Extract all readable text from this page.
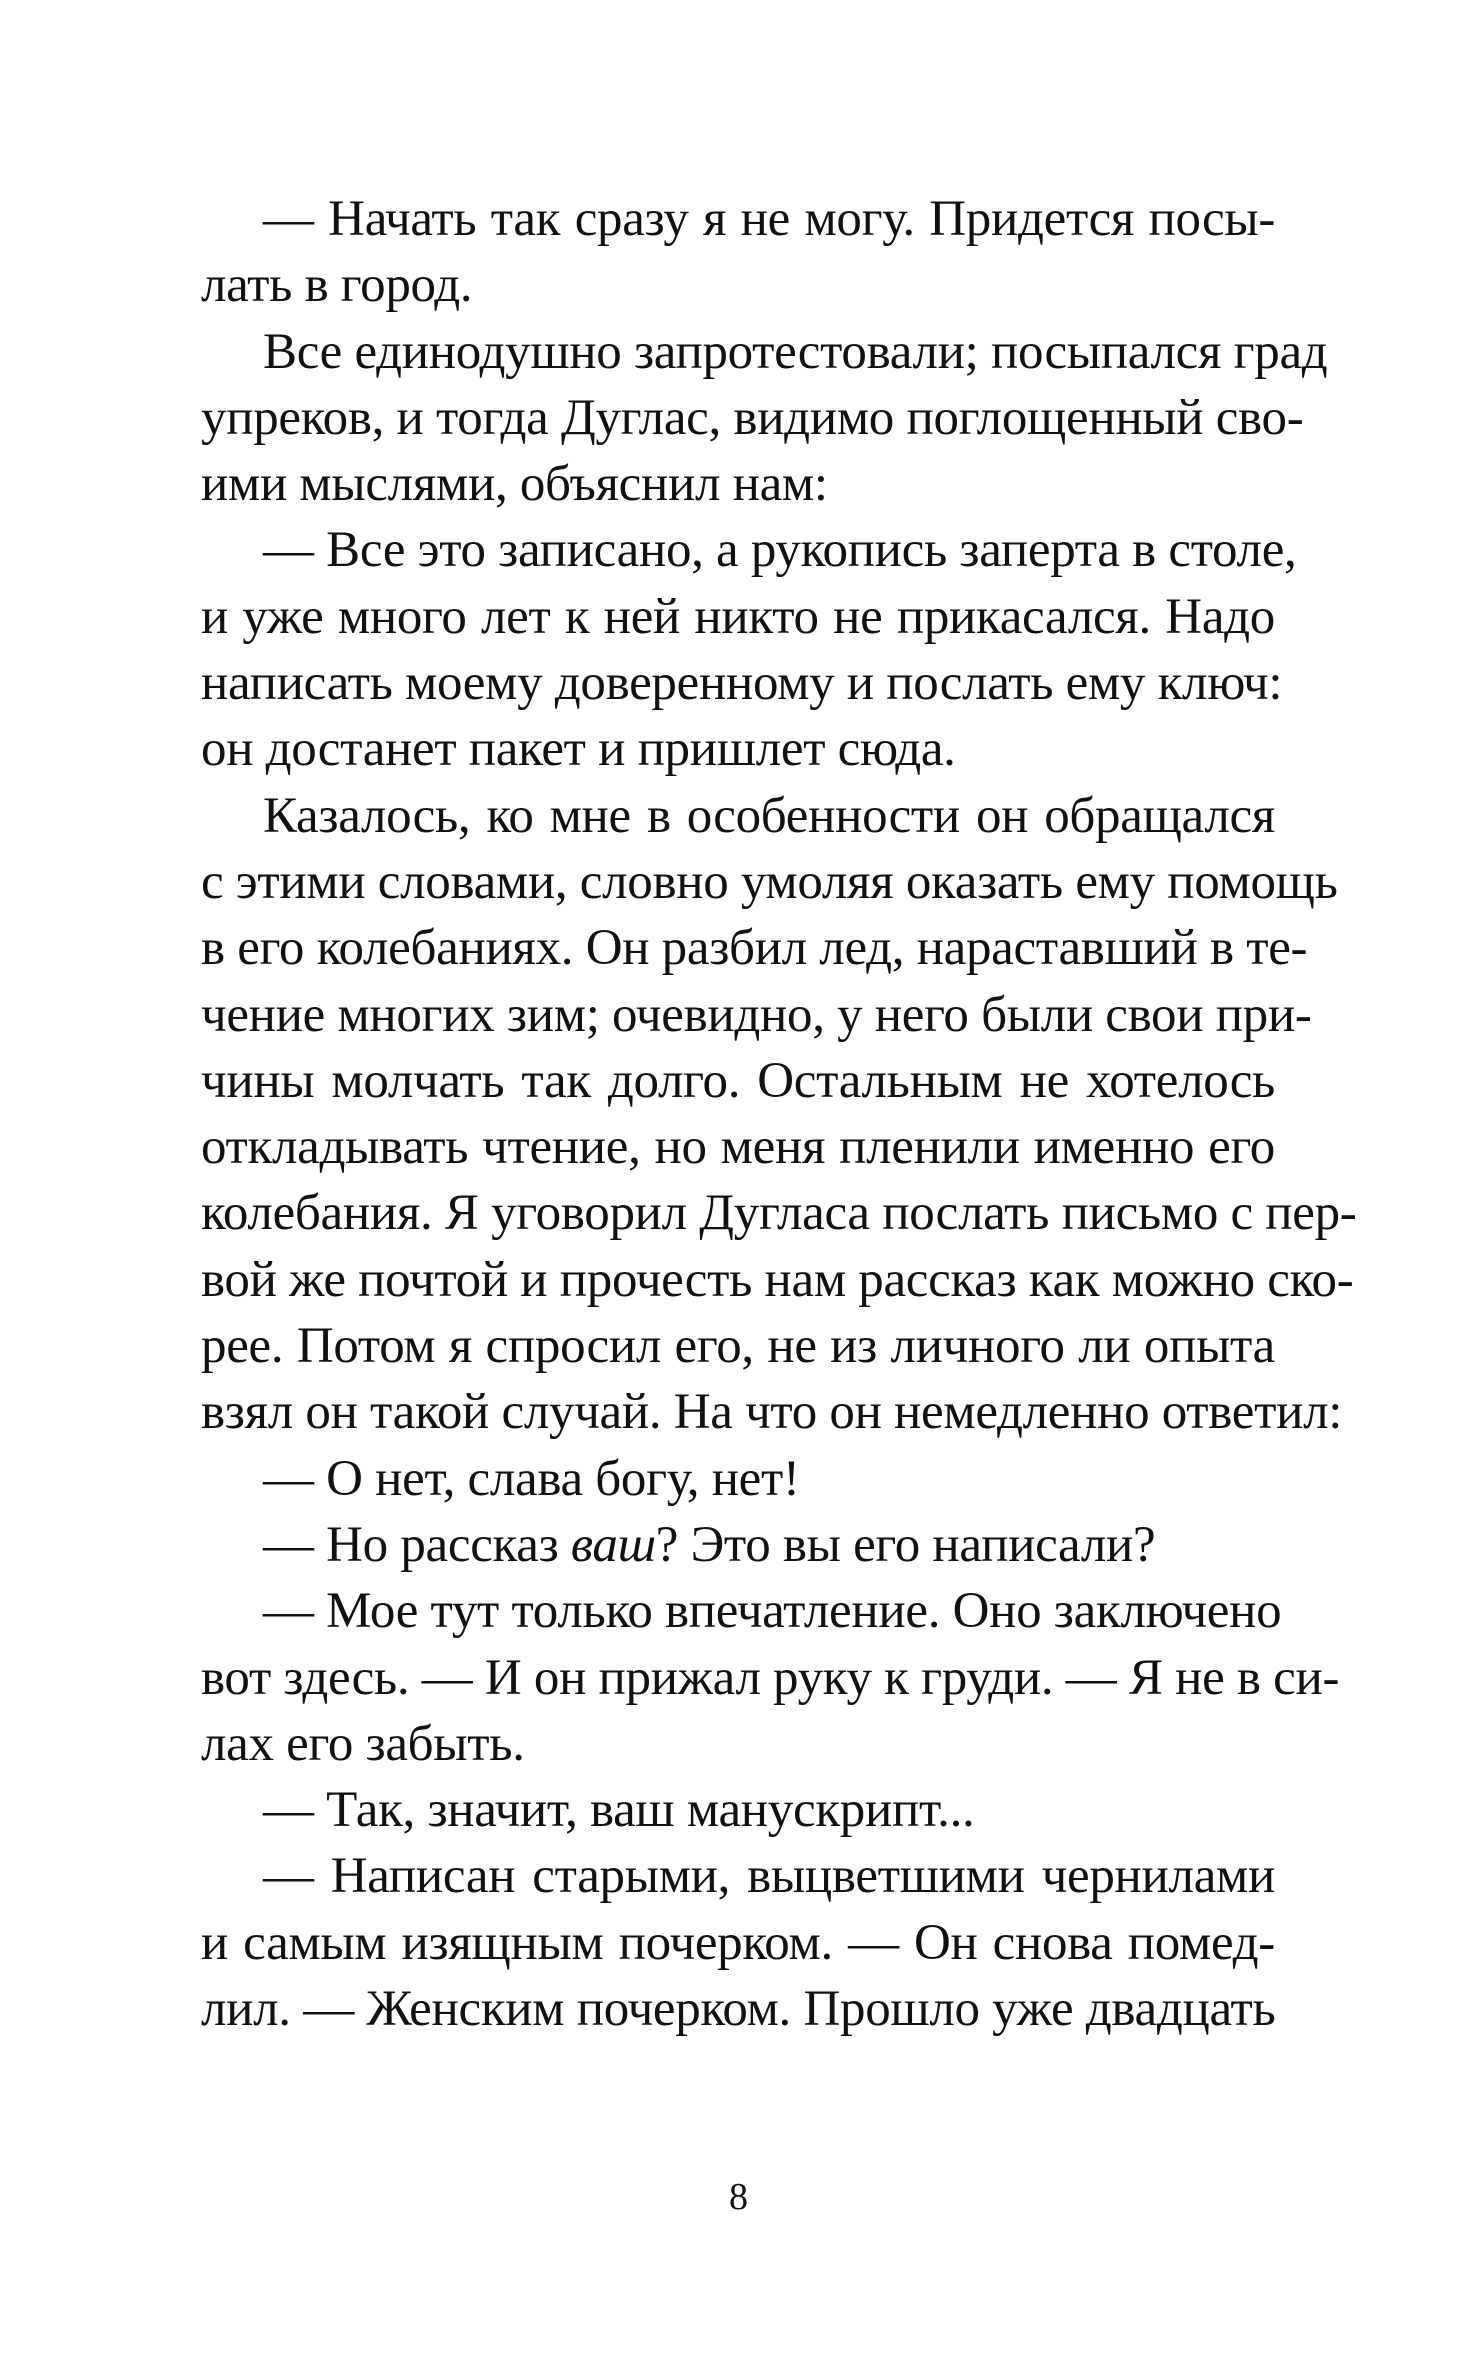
— Начать так сразу я не могу. Придется посы-
лать в город.
Все единодушно запротестовали; посыпался град
упреков, и тогда Дуглас, видимо поглощенный сво-
ими мыслями, объяснил нам:
— Все это записано, а рукопись заперта в столе,
и уже много лет к ней никто не прикасался. Надо
написать моему доверенному и послать ему ключ:
он достанет пакет и пришлет сюда.
Казалось, ко мне в особенности он обращался
с этими словами, словно умоляя оказать ему помощь
в его колебаниях. Он разбил лед, нараставший в те-
чение многих зим; очевидно, у него были свои при-
чины молчать так долго. Остальным не хотелось
откладывать чтение, но меня пленили именно его
колебания. Я уговорил Дугласа послать письмо с пер-
вой же почтой и прочесть нам рассказ как можно ско-
рее. Потом я спросил его, не из личного ли опыта
взял он такой случай. На что он немедленно ответил:
— О нет, слава богу, нет!
— Но рассказ ваш? Это вы его написали?
— Мое тут только впечатление. Оно заключено
вот здесь. — И он прижал руку к груди. — Я не в си-
лах его забыть.
— Так, значит, ваш манускрипт...
— Написан старыми, выцветшими чернилами
и самым изящным почерком. — Он снова помед-
лил. — Женским почерком. Прошло уже двадцать
8
